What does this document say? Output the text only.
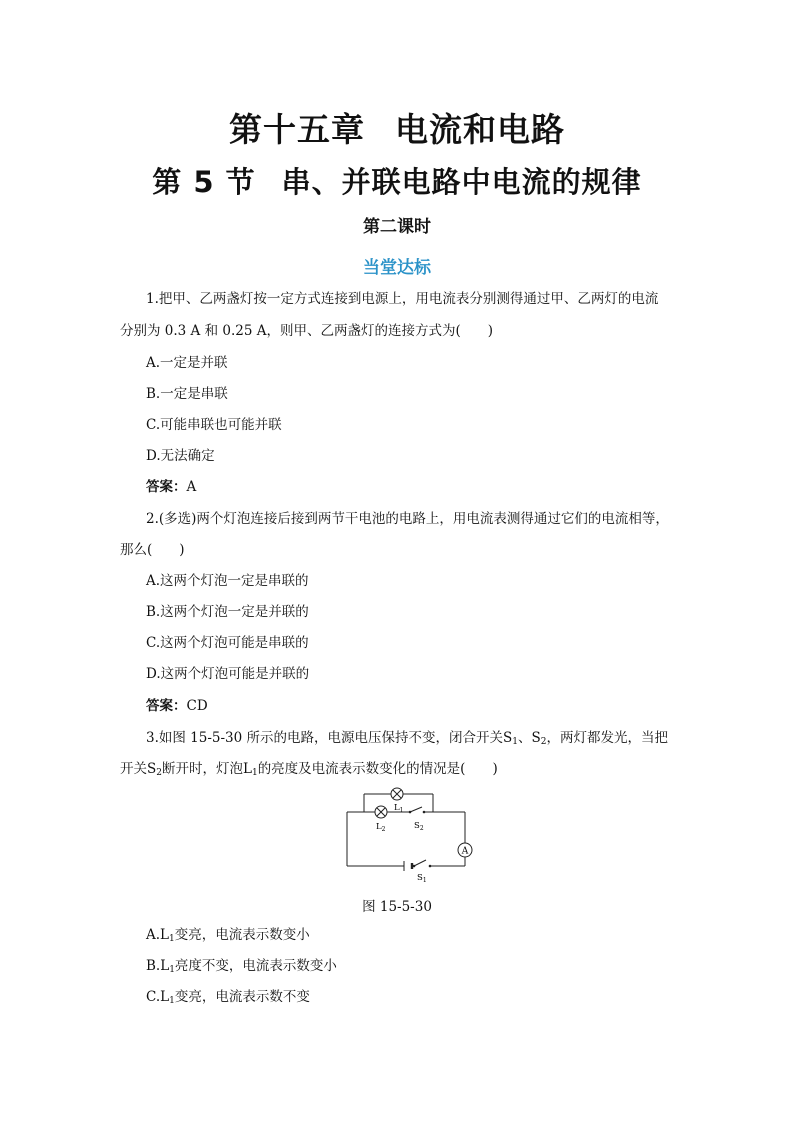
第十五章 电流和电路
第 5 节 串、并联电路中电流的规律
第二课时
当堂达标
1.把甲、乙两盏灯按一定方式连接到电源上，用电流表分别测得通过甲、乙两灯的电流
分别为 0.3 A 和 0.25 A，则甲、乙两盏灯的连接方式为(　　)
A.一定是并联
B.一定是串联
C.可能串联也可能并联
D.无法确定
答案：A
2.(多选)两个灯泡连接后接到两节干电池的电路上，用电流表测得通过它们的电流相等，
那么(　　)
A.这两个灯泡一定是串联的
B.这两个灯泡一定是并联的
C.这两个灯泡可能是串联的
D.这两个灯泡可能是并联的
答案：CD
3.如图 15-5-30 所示的电路，电源电压保持不变，闭合开关$S_1$、$S_2$，两灯都发光，当把
开关$S_2$断开时，灯泡$L_1$的亮度及电流表示数变化的情况是(　　)
A
$L_1$
$L_2$	$S_2$
$S_1$
图 15-5-30
$A.L_1$变亮，电流表示数变小
$B.L_1$亮度不变，电流表示数变小
$C.L_1$变亮，电流表示数不变
